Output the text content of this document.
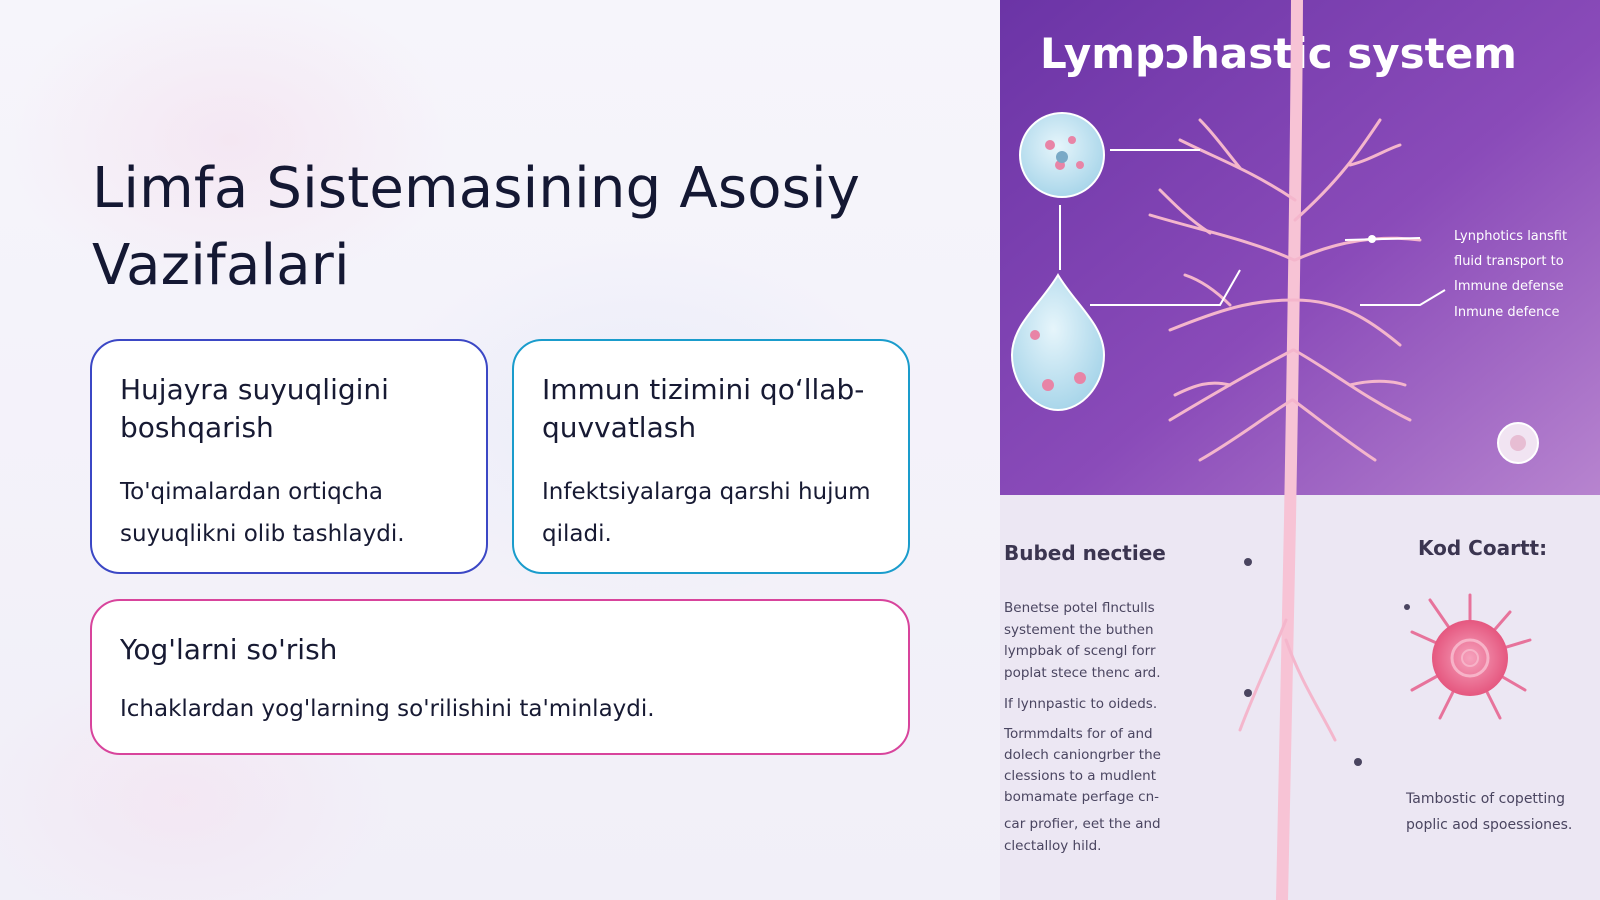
Limfa Sistemasining Asosiy Vazifalari
Hujayra suyuqligini boshqarish

To'qimalardan ortiqcha suyuqlikni olib tashlaydi.

Immun tizimini qo‘llab-quvvatlash

Infektsiyalarga qarshi hujum qiladi.

Yog'larni so'rish

Ichaklardan yog'larning so'rilishini ta'minlaydi.

Lympɔhastic system
Lynphotics lansfit
fluid transport to
Immune defense
Inmune defence
Bubed nectiee	Kod Coartt:
Benetse potel flnctulls
systement the buthen
lympbak of scengl forr
poplat stece thenc ard.
If lynnpastic to oideds.
Tormmdalts for of and
dolech caniongrber the
clessions to a mudlent
bomamate perfage cn-
car profier, eet the and
clectalloy hild.
Tambostic of copetting
poplic aod spoessiones.
